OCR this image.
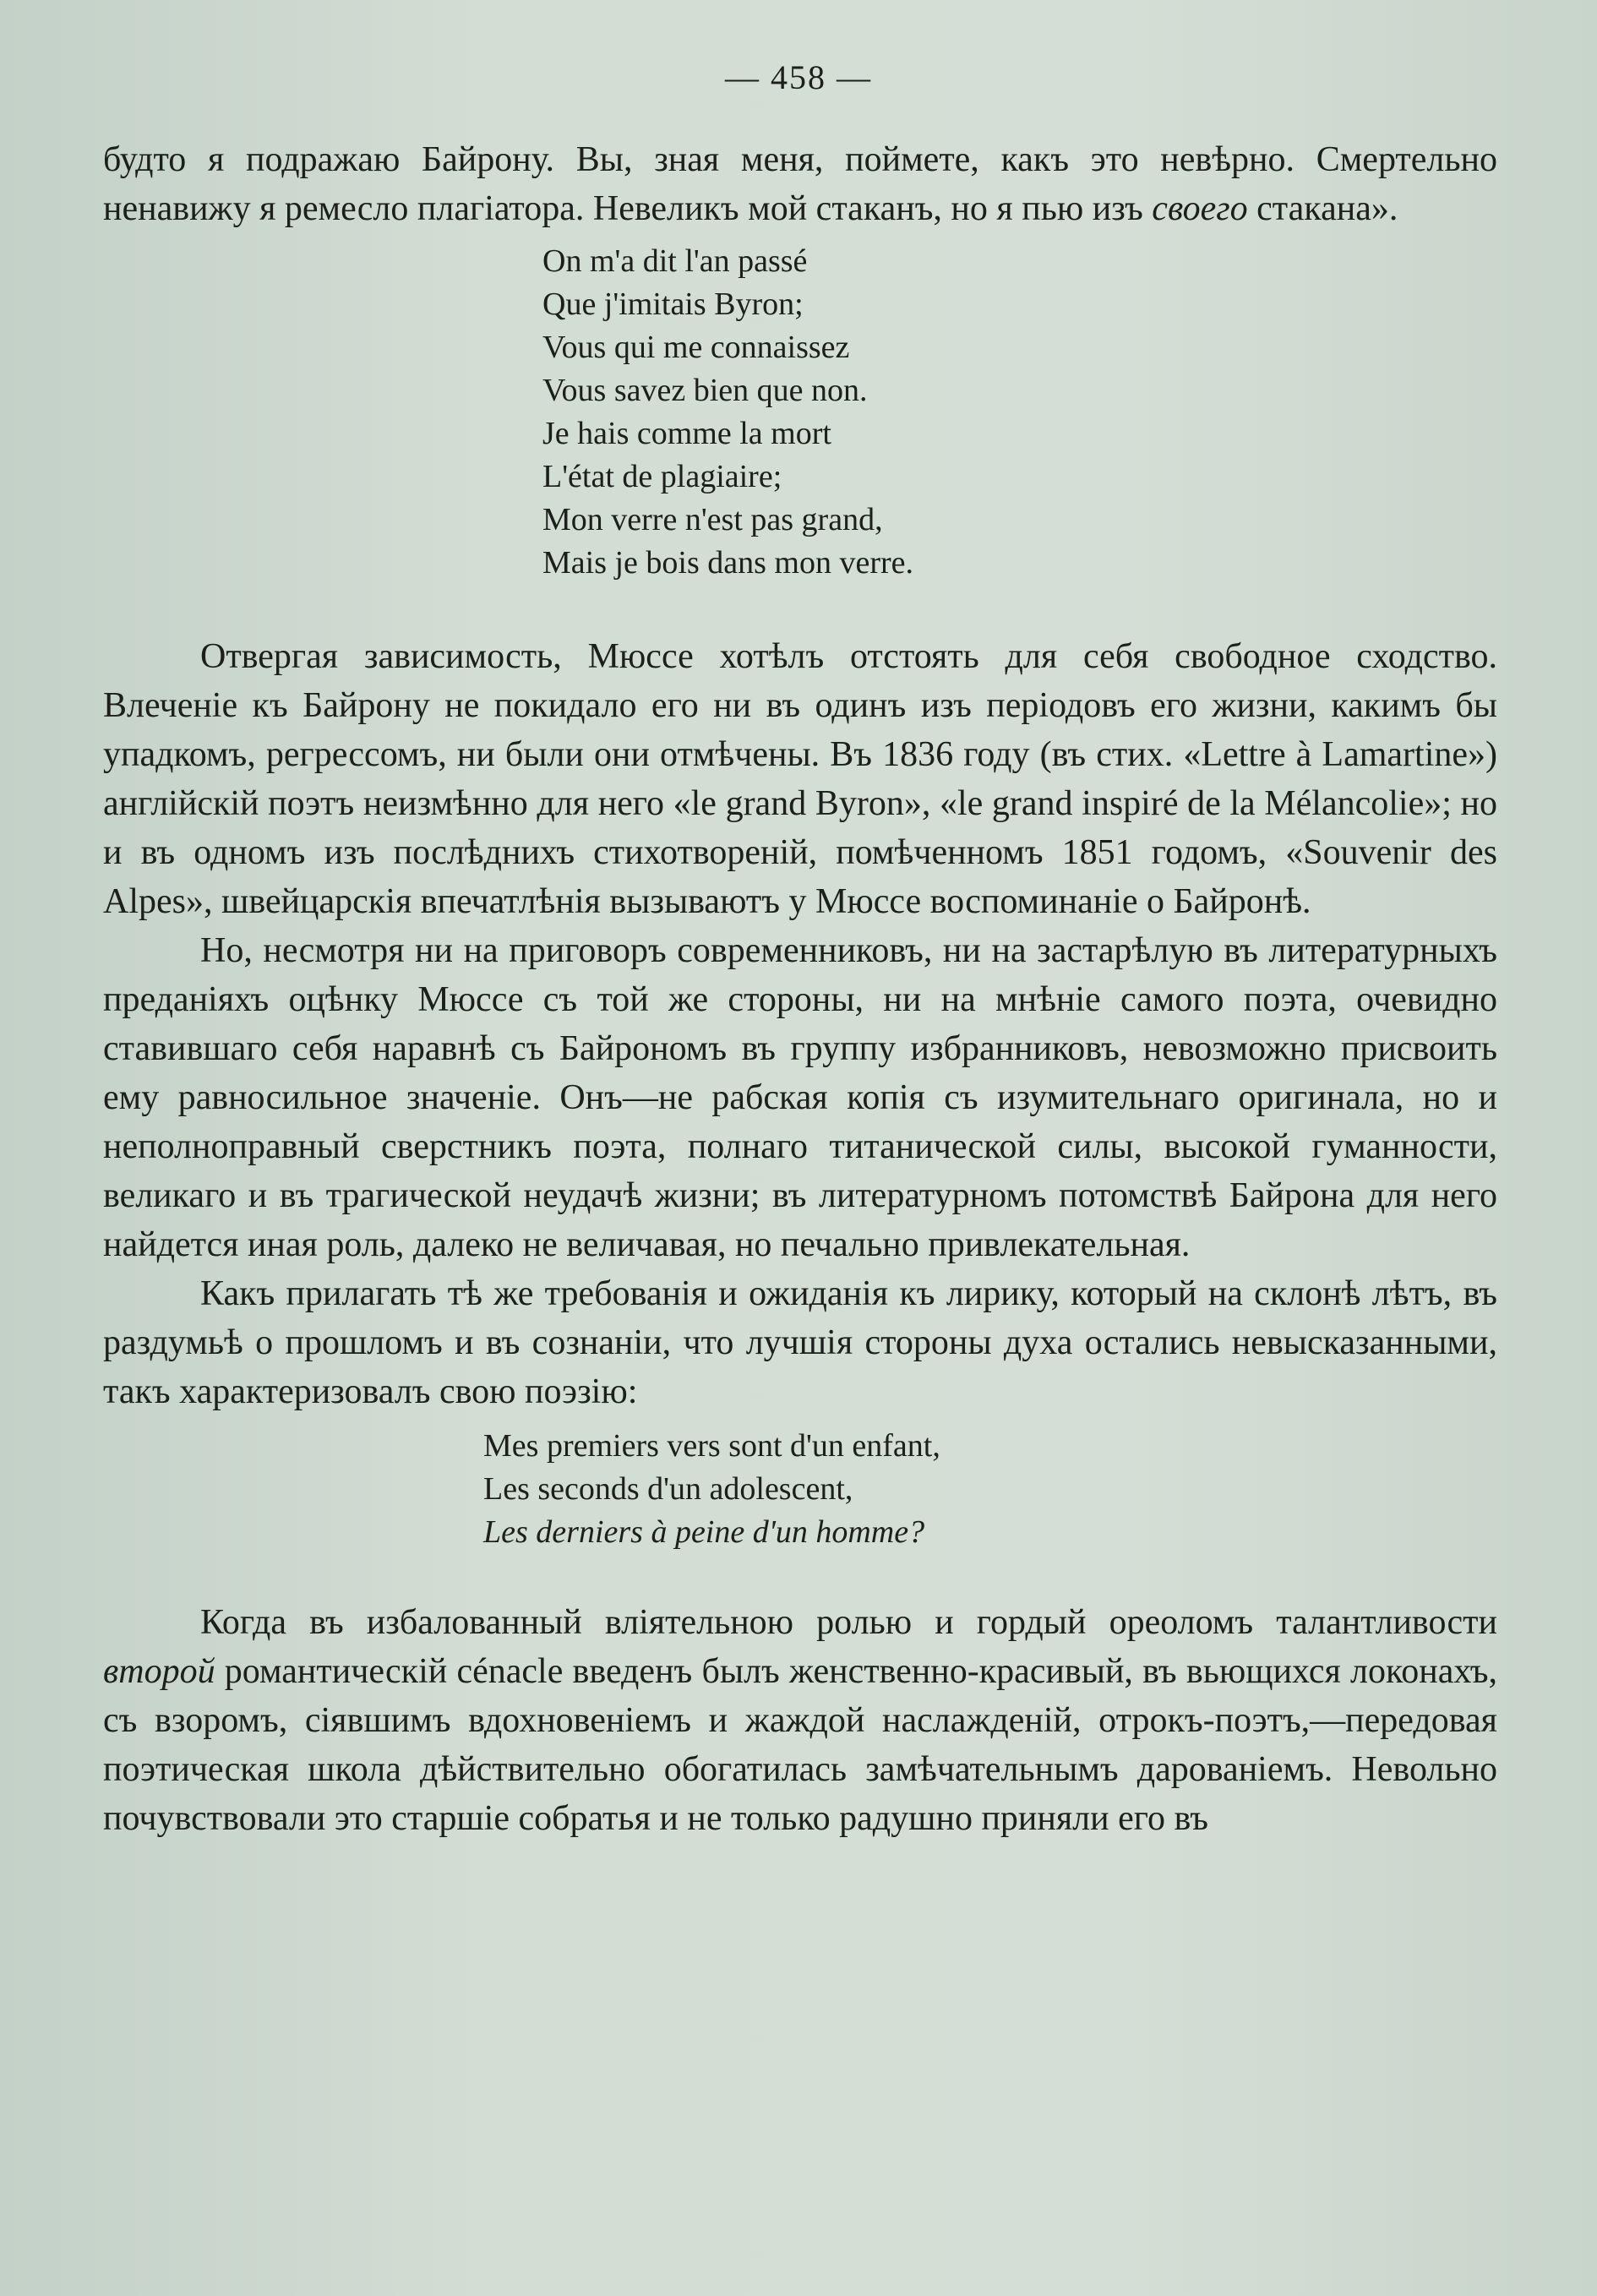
— 458 —

будто я подражаю Байрону. Вы, зная меня, поймете, какъ это невѣрно. Смертельно ненавижу я ремесло плагіатора. Невеликъ мой стаканъ, но я пью изъ своего стакана».

On m'a dit l'an passé
Que j'imitais Byron;
Vous qui me connaissez
Vous savez bien que non.
Je hais comme la mort
L'état de plagiaire;
Mon verre n'est pas grand,
Mais je bois dans mon verre.

Отвергая зависимость, Мюссе хотѣлъ отстоять для себя свободное сходство. Влеченіе къ Байрону не покидало его ни въ одинъ изъ періодовъ его жизни, какимъ бы упадкомъ, регрессомъ, ни были они отмѣчены. Въ 1836 году (въ стих. «Lettre à Lamartine») англійскій поэтъ неизмѣнно для него «le grand Byron», «le grand inspiré de la Mélancolie»; но и въ одномъ изъ послѣднихъ стихотвореній, помѣченномъ 1851 годомъ, «Souvenir des Alpes», швейцарскія впечатлѣнія вызываютъ у Мюссе воспоминаніе о Байронѣ.

Но, несмотря ни на приговоръ современниковъ, ни на застарѣлую въ литературныхъ преданіяхъ оцѣнку Мюссе съ той же стороны, ни на мнѣніе самого поэта, очевидно ставившаго себя наравнѣ съ Байрономъ въ группу избранниковъ, невозможно присвоить ему равносильное значеніе. Онъ—не рабская копія съ изумительнаго оригинала, но и неполноправный сверстникъ поэта, полнаго титанической силы, высокой гуманности, великаго и въ трагической неудачѣ жизни; въ литературномъ потомствѣ Байрона для него найдется иная роль, далеко не величавая, но печально привлекательная.

Какъ прилагать тѣ же требованія и ожиданія къ лирику, который на склонѣ лѣтъ, въ раздумьѣ о прошломъ и въ сознаніи, что лучшія стороны духа остались невысказанными, такъ характеризовалъ свою поэзію:

Mes premiers vers sont d'un enfant,
Les seconds d'un adolescent,
Les derniers à peine d'un homme?

Когда въ избалованный вліятельною ролью и гордый ореоломъ талантливости второй романтическій cénacle введенъ былъ женственно-красивый, въ вьющихся локонахъ, съ взоромъ, сіявшимъ вдохновеніемъ и жаждой наслажденій, отрокъ-поэтъ,—передовая поэтическая школа дѣйствительно обогатилась замѣчательнымъ дарованіемъ. Невольно почувствовали это старшіе собратья и не только радушно приняли его въ
